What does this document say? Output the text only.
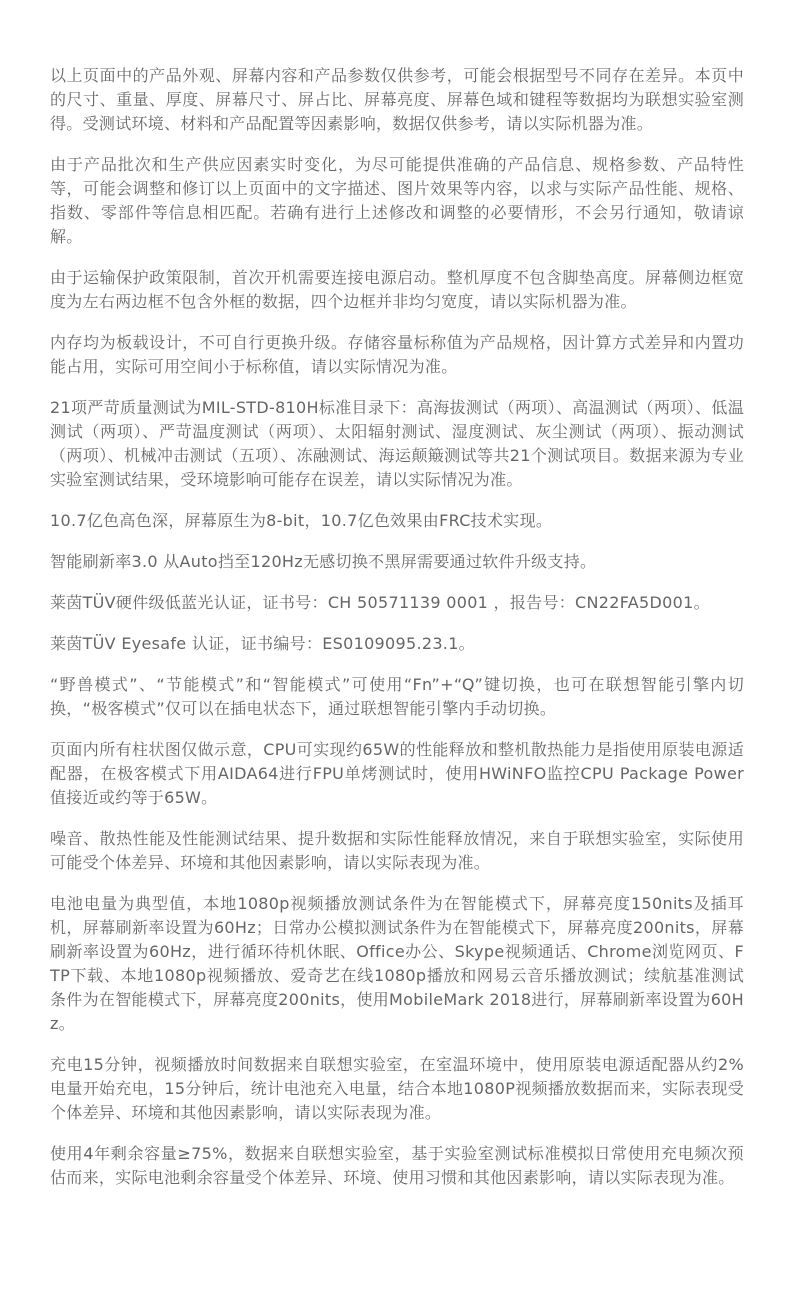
以上页面中的产品外观、屏幕内容和产品参数仅供参考，可能会根据型号不同存在差异。本页中的尺寸、重量、厚度、屏幕尺寸、屏占比、屏幕亮度、屏幕色域和键程等数据均为联想实验室测得。受测试环境、材料和产品配置等因素影响，数据仅供参考，请以实际机器为准。

由于产品批次和生产供应因素实时变化，为尽可能提供准确的产品信息、规格参数、产品特性等，可能会调整和修订以上页面中的文字描述、图片效果等内容，以求与实际产品性能、规格、指数、零部件等信息相匹配。若确有进行上述修改和调整的必要情形，不会另行通知，敬请谅解。

由于运输保护政策限制，首次开机需要连接电源启动。整机厚度不包含脚垫高度。屏幕侧边框宽度为左右两边框不包含外框的数据，四个边框并非均匀宽度，请以实际机器为准。

内存均为板载设计，不可自行更换升级。存储容量标称值为产品规格，因计算方式差异和内置功能占用，实际可用空间小于标称值，请以实际情况为准。

21项严苛质量测试为MIL-STD-810H标准目录下：高海拔测试（两项）、高温测试（两项）、低温测试（两项）、严苛温度测试（两项）、太阳辐射测试、湿度测试、灰尘测试（两项）、振动测试（两项）、机械冲击测试（五项）、冻融测试、海运颠簸测试等共21个测试项目。数据来源为专业实验室测试结果，受环境影响可能存在误差，请以实际情况为准。

10.7亿色高色深，屏幕原生为8-bit，10.7亿色效果由FRC技术实现。

智能刷新率3.0 从Auto挡至120Hz无感切换不黑屏需要通过软件升级支持。

莱茵TÜV硬件级低蓝光认证，证书号：CH 50571139 0001 ，报告号：CN22FA5D001。

莱茵TÜV Eyesafe 认证，证书编号：ES0109095.23.1。

“野兽模式”、“节能模式”和“智能模式”可使用“Fn”+“Q”键切换，也可在联想智能引擎内切换，“极客模式”仅可以在插电状态下，通过联想智能引擎内手动切换。

页面内所有柱状图仅做示意，CPU可实现约65W的性能释放和整机散热能力是指使用原装电源适配器，在极客模式下用AIDA64进行FPU单烤测试时，使用HWiNFO监控CPU Package Power值接近或约等于65W。

噪音、散热性能及性能测试结果、提升数据和实际性能释放情况，来自于联想实验室，实际使用可能受个体差异、环境和其他因素影响，请以实际表现为准。

电池电量为典型值，本地1080p视频播放测试条件为在智能模式下，屏幕亮度150nits及插耳机，屏幕刷新率设置为60Hz；日常办公模拟测试条件为在智能模式下，屏幕亮度200nits，屏幕刷新率设置为60Hz，进行循环待机休眠、Office办公、Skype视频通话、Chrome浏览网页、FTP下载、本地1080p视频播放、爱奇艺在线1080p播放和网易云音乐播放测试；续航基准测试条件为在智能模式下，屏幕亮度200nits，使用MobileMark 2018进行，屏幕刷新率设置为60Hz。

充电15分钟，视频播放时间数据来自联想实验室，在室温环境中，使用原装电源适配器从约2%电量开始充电，15分钟后，统计电池充入电量，结合本地1080P视频播放数据而来，实际表现受个体差异、环境和其他因素影响，请以实际表现为准。

使用4年剩余容量≥75%，数据来自联想实验室，基于实验室测试标准模拟日常使用充电频次预估而来，实际电池剩余容量受个体差异、环境、使用习惯和其他因素影响，请以实际表现为准。
